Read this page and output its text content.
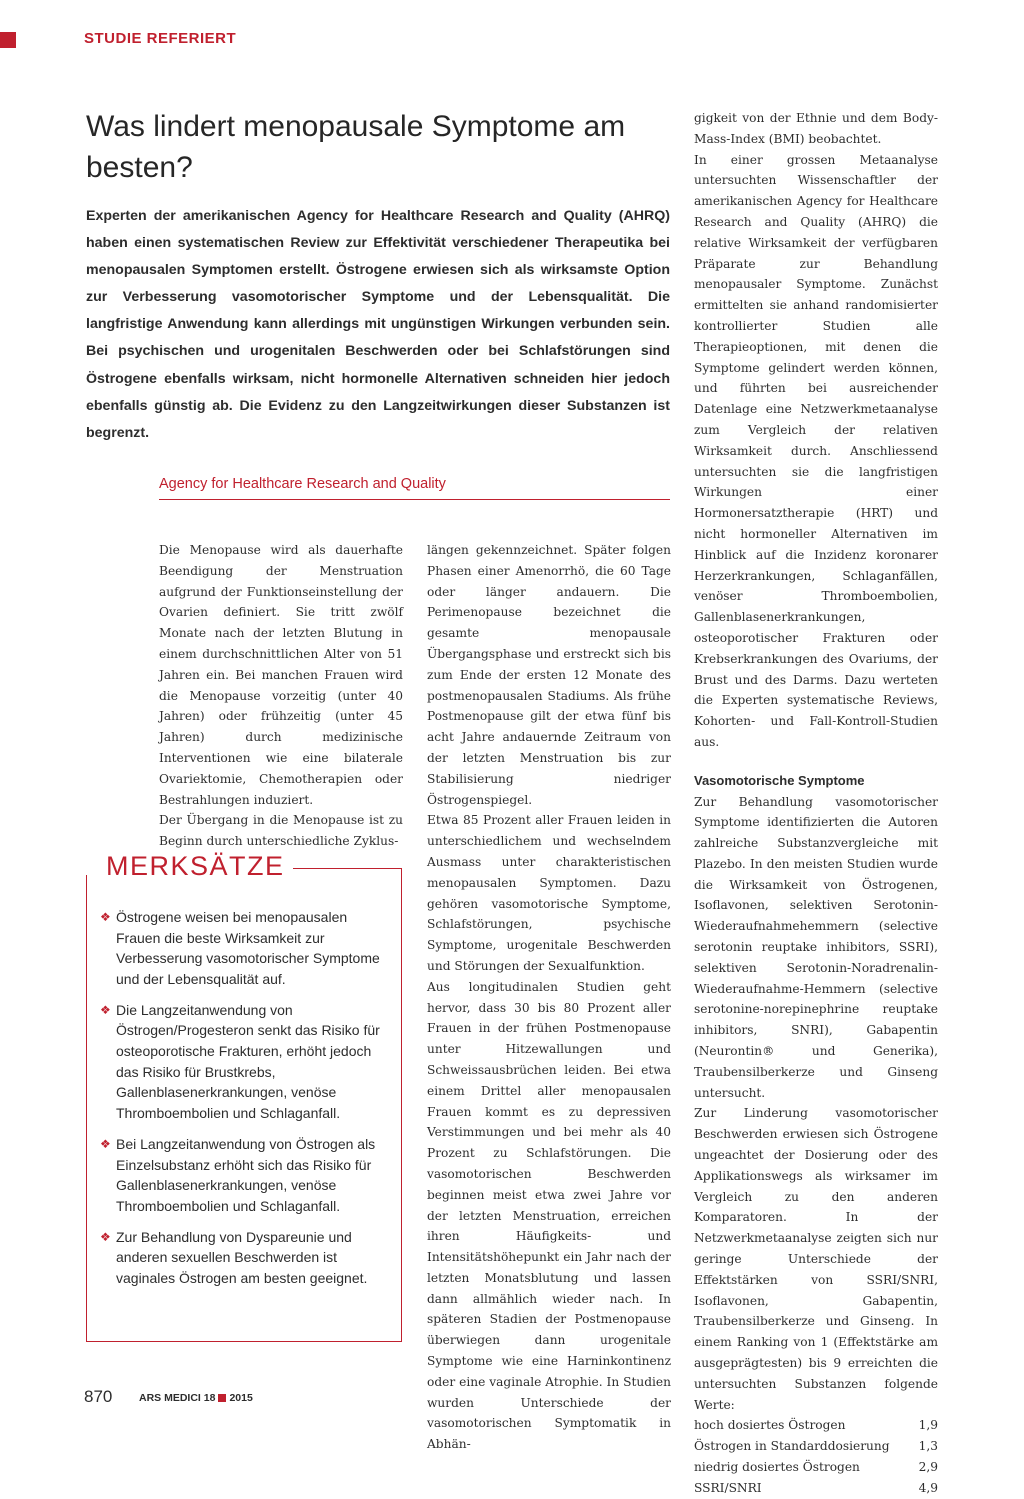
STUDIE REFERIERT
Was lindert menopausale Symptome am besten?

Experten der amerikanischen Agency for Healthcare Research and Quality (AHRQ) haben einen systematischen Review zur Effektivität verschiedener Therapeutika bei menopausalen Symptomen erstellt. Östrogene erwiesen sich als wirksamste Option zur Verbesserung vasomotorischer Symptome und der Lebensqualität. Die langfristige Anwendung kann allerdings mit ungünstigen Wirkungen verbunden sein. Bei psychischen und urogenitalen Beschwerden oder bei Schlafstörungen sind Östrogene ebenfalls wirksam, nicht hormonelle Alternativen schneiden hier jedoch ebenfalls günstig ab. Die Evidenz zu den Langzeitwirkungen dieser Substanzen ist begrenzt.

Agency for Healthcare Research and Quality

Die Menopause wird als dauerhafte Beendigung der Menstruation aufgrund der Funktionseinstellung der Ovarien definiert. Sie tritt zwölf Monate nach der letzten Blutung in einem durchschnittlichen Alter von 51 Jahren ein. Bei manchen Frauen wird die Menopause vorzeitig (unter 40 Jahren) oder frühzeitig (unter 45 Jahren) durch medizinische Interventionen wie eine bilaterale Ovariektomie, Chemotherapien oder Bestrahlungen induziert.

Der Übergang in die Menopause ist zu Beginn durch unterschiedliche Zyklus-

MERKSÄTZE
❖ Östrogene weisen bei menopausalen Frauen die beste Wirksamkeit zur Verbesserung vasomotorischer Symptome und der Lebensqualität auf.
❖ Die Langzeitanwendung von Östrogen/Progesteron senkt das Risiko für osteoporotische Frakturen, erhöht jedoch das Risiko für Brustkrebs, Gallenblasenerkrankungen, venöse Thromboembolien und Schlaganfall.
❖ Bei Langzeitanwendung von Östrogen als Einzelsubstanz erhöht sich das Risiko für Gallenblasenerkrankungen, venöse Thromboembolien und Schlaganfall.
❖ Zur Behandlung von Dyspareunie und anderen sexuellen Beschwerden ist vaginales Östrogen am besten geeignet.

längen gekennzeichnet. Später folgen Phasen einer Amenorrhö, die 60 Tage oder länger andauern. Die Perimenopause bezeichnet die gesamte menopausale Übergangsphase und erstreckt sich bis zum Ende der ersten 12 Monate des postmenopausalen Stadiums. Als frühe Postmenopause gilt der etwa fünf bis acht Jahre andauernde Zeitraum von der letzten Menstruation bis zur Stabilisierung niedriger Östrogenspiegel.

Etwa 85 Prozent aller Frauen leiden in unterschiedlichem und wechselndem Ausmass unter charakteristischen menopausalen Symptomen. Dazu gehören vasomotorische Symptome, Schlafstörungen, psychische Symptome, urogenitale Beschwerden und Störungen der Sexualfunktion.

Aus longitudinalen Studien geht hervor, dass 30 bis 80 Prozent aller Frauen in der frühen Postmenopause unter Hitzewallungen und Schweissausbrüchen leiden. Bei etwa einem Drittel aller menopausalen Frauen kommt es zu depressiven Verstimmungen und bei mehr als 40 Prozent zu Schlafstörungen. Die vasomotorischen Beschwerden beginnen meist etwa zwei Jahre vor der letzten Menstruation, erreichen ihren Häufigkeits- und Intensitätshöhepunkt ein Jahr nach der letzten Monatsblutung und lassen dann allmählich wieder nach. In späteren Stadien der Postmenopause überwiegen dann urogenitale Symptome wie eine Harninkontinenz oder eine vaginale Atrophie. In Studien wurden Unterschiede der vasomotorischen Symptomatik in Abhän-

gigkeit von der Ethnie und dem Body-Mass-Index (BMI) beobachtet.

In einer grossen Metaanalyse untersuchten Wissenschaftler der amerikanischen Agency for Healthcare Research and Quality (AHRQ) die relative Wirksamkeit der verfügbaren Präparate zur Behandlung menopausaler Symptome. Zunächst ermittelten sie anhand randomisierter kontrollierter Studien alle Therapieoptionen, mit denen die Symptome gelindert werden können, und führten bei ausreichender Datenlage eine Netzwerkmetaanalyse zum Vergleich der relativen Wirksamkeit durch. Anschliessend untersuchten sie die langfristigen Wirkungen einer Hormonersatztherapie (HRT) und nicht hormoneller Alternativen im Hinblick auf die Inzidenz koronarer Herzerkrankungen, Schlaganfällen, venöser Thromboembolien, Gallenblasenerkrankungen, osteoporotischer Frakturen oder Krebserkrankungen des Ovariums, der Brust und des Darms. Dazu werteten die Experten systematische Reviews, Kohorten- und Fall-Kontroll-Studien aus.

Vasomotorische Symptome

Zur Behandlung vasomotorischer Symptome identifizierten die Autoren zahlreiche Substanzvergleiche mit Plazebo. In den meisten Studien wurde die Wirksamkeit von Östrogenen, Isoflavonen, selektiven Serotonin-Wiederaufnahmehemmern (selective serotonin reuptake inhibitors, SSRI), selektiven Serotonin-Noradrenalin-Wiederaufnahme-Hemmern (selective serotonine-norepinephrine reuptake inhibitors, SNRI), Gabapentin (Neurontin® und Generika), Traubensilberkerze und Ginseng untersucht.

Zur Linderung vasomotorischer Beschwerden erwiesen sich Östrogene ungeachtet der Dosierung oder des Applikationswegs als wirksamer im Vergleich zu den anderen Komparatoren. In der Netzwerkmetaanalyse zeigten sich nur geringe Unterschiede der Effektstärken von SSRI/SNRI, Isoflavonen, Gabapentin, Traubensilberkerze und Ginseng. In einem Ranking von 1 (Effektstärke am ausgeprägtesten) bis 9 erreichten die untersuchten Substanzen folgende Werte:

hoch dosiertes Östrogen	1,9
Östrogen in Standarddosierung 1,3
niedrig dosiertes Östrogen	2,9
SSRI/SNRI	4,9
870	ARS MEDICI 18 2015
